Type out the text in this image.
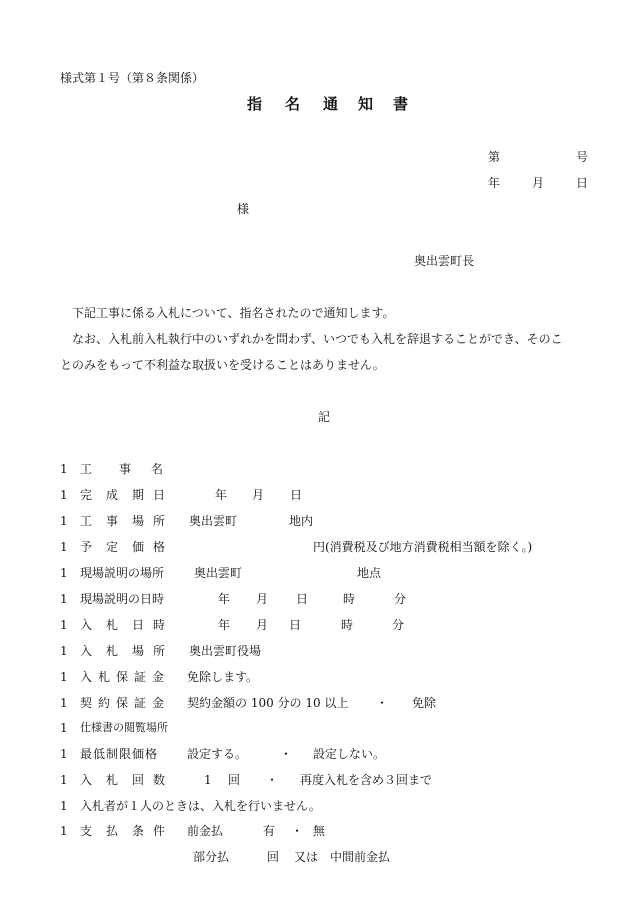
様式第１号（第８条関係）
指 名 通 知 書
第	号
年	月	日
様
奥出雲町長
下記工事に係る入札について、指名されたので通知します。
なお、入札前入札執行中のいずれかを問わず、いつでも入札を辞退することができ、そのこ
とのみをもって不利益な取扱いを受けることはありません。
記
1 工 事 名
1 完 成 期 日	年 月 日
1 工 事 場 所 奥出雲町	地内
1 予 定 価 格	円(消費税及び地方消費税相当額を除く。)
1 現場説明の場所 奥出雲町	地点
1 現場説明の日時	年 月 日	時	分
1 入 札 日 時	年 月 日	時	分
1 入 札 場 所 奥出雲町役場
1 入 札 保 証 金 免除します。
1 契 約 保 証 金 契約金額の 100 分の 10 以上 ・ 免除
1 仕様書の閲覧場所
1 最低制限価格 設定する。	・ 設定しない。
1 入 札 回 数	1 回 ・ 再度入札を含め３回まで
1 入札者が１人のときは、入札を行いません。
1 支 払 条 件 前金払	有 ・ 無
部分払	回 又は 中間前金払
